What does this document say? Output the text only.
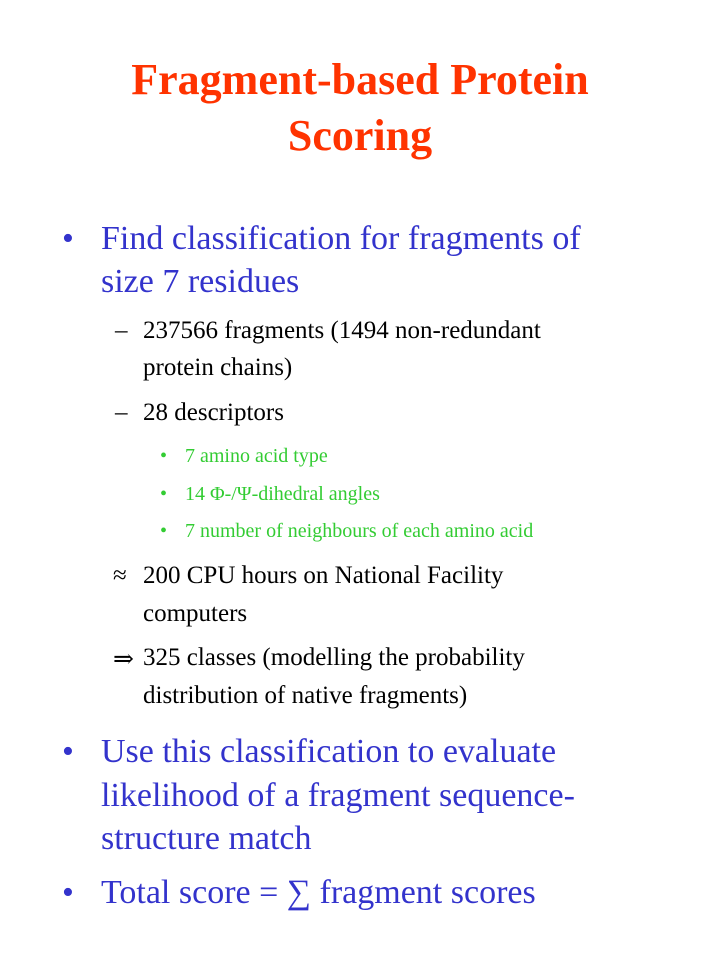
Fragment-based Protein
Scoring
• Find classification for fragments of
size 7 residues
– 237566 fragments (1494 non-redundant
protein chains)
– 28 descriptors
• 7 amino acid type
• 14 Φ-/Ψ-dihedral angles
• 7 number of neighbours of each amino acid
≈ 200 CPU hours on National Facility
computers
⇒ 325 classes (modelling the probability
distribution of native fragments)
• Use this classification to evaluate
likelihood of a fragment sequence-
structure match
• Total score = ∑ fragment scores
